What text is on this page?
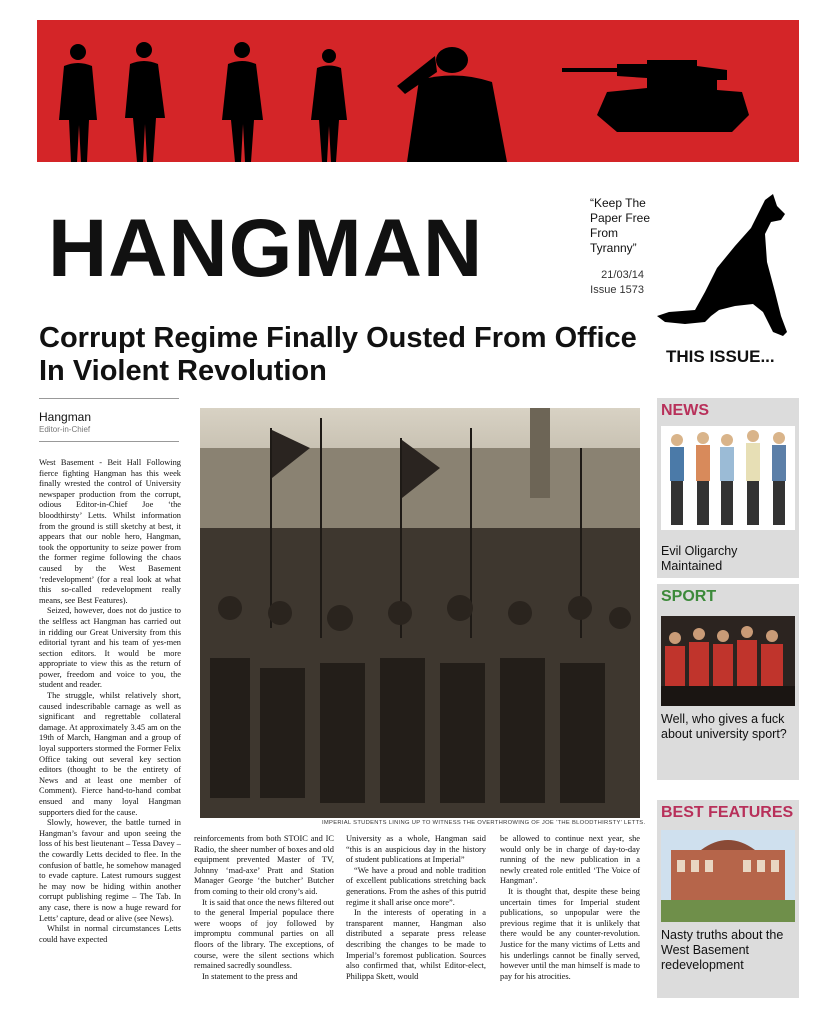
HANGMAN	“Keep The Paper Free From Tyranny”
21/03/14
Issue 1573
Corrupt Regime Finally Ousted From Office In Violent Revolution	THIS ISSUE...
Hangman
Editor-in-Chief

West Basement - Beit Hall Following fierce fighting Hangman has this week finally wrested the control of University newspaper production from the corrupt, odious Editor-in-Chief Joe ‘the bloodthirsty’ Letts. Whilst information from the ground is still sketchy at best, it appears that our noble hero, Hangman, took the opportunity to seize power from the former regime following the chaos caused by the West Basement ‘redevelopment’ (for a real look at what this so-called redevelopment really means, see Best Features).

Seized, however, does not do justice to the selfless act Hangman has carried out in ridding our Great University from this editorial tyrant and his team of yes-men section editors. It would be more appropriate to view this as the return of power, freedom and voice to you, the student and reader.

The struggle, whilst relatively short, caused indescribable carnage as well as significant and regrettable collateral damage. At approximately 3.45 am on the 19th of March, Hangman and a group of loyal supporters stormed the Former Felix Office taking out several key section editors (thought to be the entirety of News and at least one member of Comment). Fierce hand-to-hand combat ensued and many loyal Hangman supporters died for the cause.

Slowly, however, the battle turned in Hangman’s favour and upon seeing the loss of his best lieutenant – Tessa Davey – the cowardly Letts decided to flee. In the confusion of battle, he somehow managed to evade capture. Latest rumours suggest he may now be hiding within another corrupt publishing regime – The Tab. In any case, there is now a huge reward for Letts’ capture, dead or alive (see News).

Whilst in normal circumstances Letts could have expected

IMPERIAL STUDENTS LINING UP TO WITNESS THE OVERTHROWING OF JOE ‘THE BLOODTHIRSTY’ LETTS.

reinforcements from both STOIC and IC Radio, the sheer number of boxes and old equipment prevented Master of TV, Johnny ‘mad-axe’ Pratt and Station Manager George ‘the butcher’ Butcher from coming to their old crony’s aid.

It is said that once the news filtered out to the general Imperial populace there were woops of joy followed by impromptu communal parties on all floors of the library. The exceptions, of course, were the silent sections which remained sacredly soundless.

In statement to the press and

University as a whole, Hangman said “this is an auspicious day in the history of student publications at Imperial”

“We have a proud and noble tradition of excellent publications stretching back generations. From the ashes of this putrid regime it shall arise once more”.

In the interests of operating in a transparent manner, Hangman also distributed a separate press release describing the changes to be made to Imperial’s foremost publication. Sources also confirmed that, whilst Editor-elect, Philippa Skett, would

be allowed to continue next year, she would only be in charge of day-to-day running of the new publication in a newly created role entitled ‘The Voice of Hangman’.

It is thought that, despite these being uncertain times for Imperial student publications, so unpopular were the previous regime that it is unlikely that there would be any counter-revolution. Justice for the many victims of Letts and his underlings cannot be finally served, however until the man himself is made to pay for his atrocities.

NEWS
Evil Oligarchy Maintained
SPORT
Well, who gives a fuck about university sport?
BEST FEATURES
Nasty truths about the West Basement redevelopment
